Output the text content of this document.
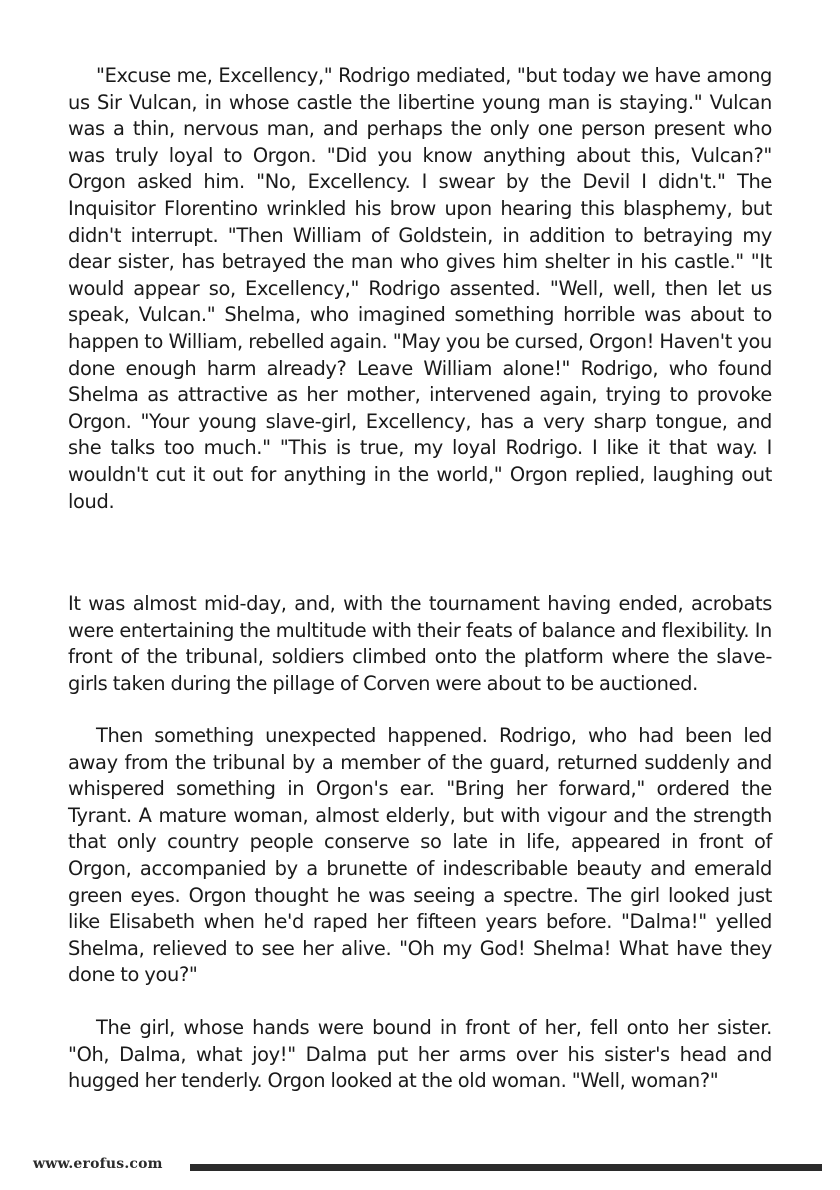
"Excuse me, Excellency," Rodrigo mediated, "but today we have among us Sir Vulcan, in whose castle the libertine young man is staying." Vulcan was a thin, nervous man, and perhaps the only one person present who was truly loyal to Orgon. "Did you know anything about this, Vulcan?" Orgon asked him. "No, Excellency. I swear by the Devil I didn't." The Inquisitor Florentino wrinkled his brow upon hearing this blasphemy, but didn't interrupt. "Then William of Goldstein, in addition to betraying my dear sister, has betrayed the man who gives him shelter in his castle." "It would appear so, Excellency," Rodrigo assented. "Well, well, then let us speak, Vulcan." Shelma, who imagined something horrible was about to happen to William, rebelled again. "May you be cursed, Orgon! Haven't you done enough harm already? Leave William alone!" Rodrigo, who found Shelma as attractive as her mother, intervened again, trying to provoke Orgon. "Your young slave-girl, Excellency, has a very sharp tongue, and she talks too much." "This is true, my loyal Rodrigo. I like it that way. I wouldn't cut it out for anything in the world," Orgon replied, laughing out loud.

It was almost mid-day, and, with the tournament having ended, acrobats were entertaining the multitude with their feats of balance and flexibility. In front of the tribunal, soldiers climbed onto the platform where the slave-girls taken during the pillage of Corven were about to be auctioned.

Then something unexpected happened. Rodrigo, who had been led away from the tribunal by a member of the guard, returned suddenly and whispered something in Orgon's ear. "Bring her forward," ordered the Tyrant. A mature woman, almost elderly, but with vigour and the strength that only country people conserve so late in life, appeared in front of Orgon, accompanied by a brunette of indescribable beauty and emerald green eyes. Orgon thought he was seeing a spectre. The girl looked just like Elisabeth when he'd raped her fifteen years before. "Dalma!" yelled Shelma, relieved to see her alive. "Oh my God! Shelma! What have they done to you?"

The girl, whose hands were bound in front of her, fell onto her sister. "Oh, Dalma, what joy!" Dalma put her arms over his sister's head and hugged her tenderly. Orgon looked at the old woman. "Well, woman?"

www.erofus.com
